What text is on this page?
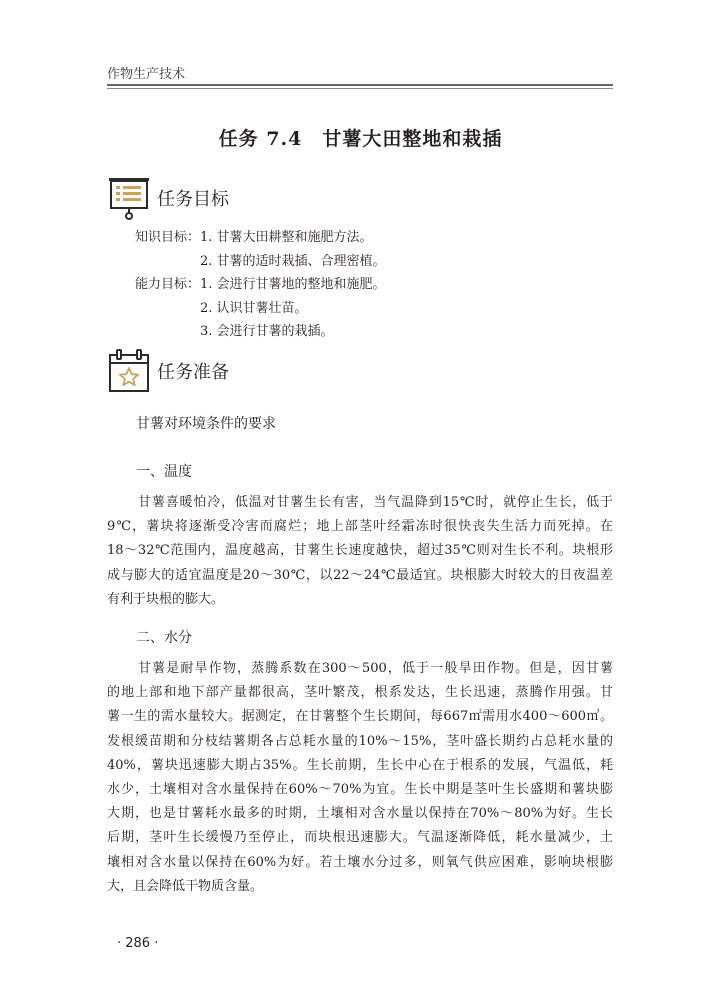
作物生产技术
任务 7.4　甘薯大田整地和栽插
任务目标
知识目标： 1. 甘薯大田耕整和施肥方法。
2. 甘薯的适时栽插、合理密植。
能力目标： 1. 会进行甘薯地的整地和施肥。
2. 认识甘薯壮苗。
3. 会进行甘薯的栽插。
任务准备
甘薯对环境条件的要求
一、温度
甘薯喜暖怕冷，低温对甘薯生长有害，当气温降到15℃时，就停止生长，低于
9℃，薯块将逐渐受冷害而腐烂；地上部茎叶经霜冻时很快丧失生活力而死掉。在
18～32℃范围内，温度越高，甘薯生长速度越快，超过35℃则对生长不利。块根形
成与膨大的适宜温度是20～30℃，以22～24℃最适宜。块根膨大时较大的日夜温差
有利于块根的膨大。
二、水分
甘薯是耐旱作物，蒸腾系数在300～500，低于一般旱田作物。但是，因甘薯
的地上部和地下部产量都很高，茎叶繁茂，根系发达，生长迅速，蒸腾作用强。甘
薯一生的需水量较大。据测定，在甘薯整个生长期间，每667㎡需用水400～600㎥。
发根缓苗期和分枝结薯期各占总耗水量的10%～15%，茎叶盛长期约占总耗水量的
40%，薯块迅速膨大期占35%。生长前期，生长中心在于根系的发展，气温低，耗
水少，土壤相对含水量保持在60%～70%为宜。生长中期是茎叶生长盛期和薯块膨
大期，也是甘薯耗水最多的时期，土壤相对含水量以保持在70%～80%为好。生长
后期，茎叶生长缓慢乃至停止，而块根迅速膨大。气温逐渐降低，耗水量减少，土
壤相对含水量以保持在60%为好。若土壤水分过多，则氧气供应困难，影响块根膨
大，且会降低干物质含量。
· 286 ·
